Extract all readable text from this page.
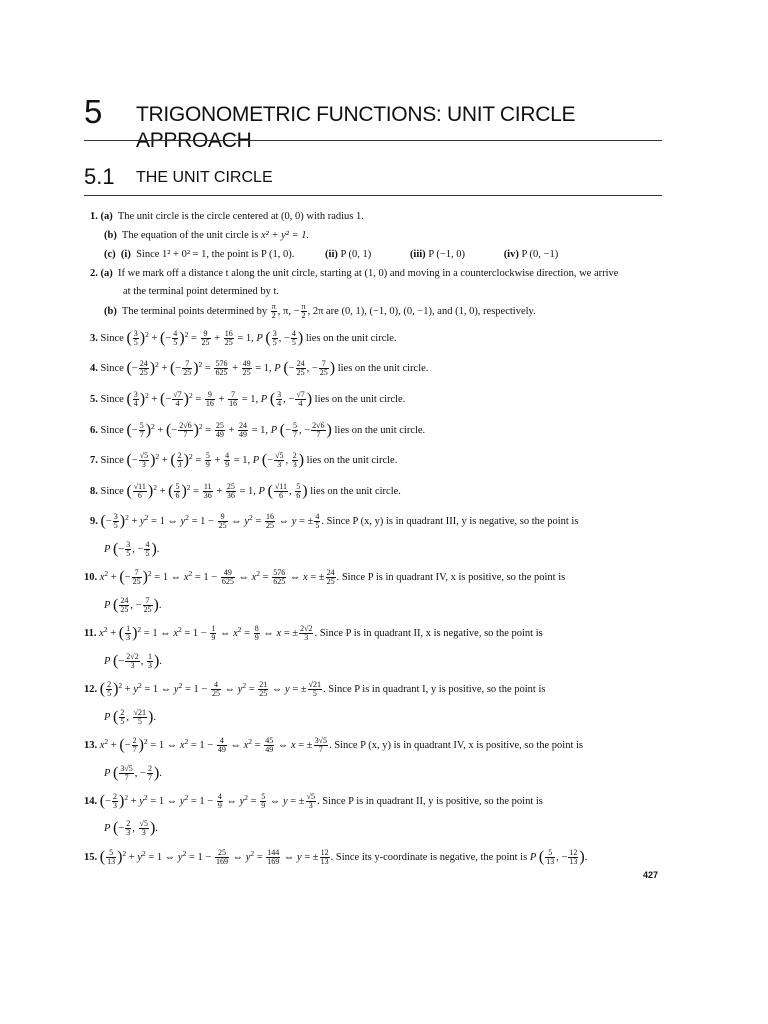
5 TRIGONOMETRIC FUNCTIONS: UNIT CIRCLE APPROACH
5.1 THE UNIT CIRCLE
1. (a) The unit circle is the circle centered at (0, 0) with radius 1.
(b) The equation of the unit circle is x² + y² = 1.
(c) (i) Since 1² + 0² = 1, the point is P (1, 0).	(ii) P (0, 1)	(iii) P (−1, 0)	(iv) P (0, −1)
2. (a) If we mark off a distance t along the unit circle, starting at (1, 0) and moving in a counterclockwise direction, we arrive
at the terminal point determined by t.
(b) The terminal points determined by $\frac{\pi}{2}$ , π, − $\frac{\pi}{2}$ , 2π are (0, 1), (−1, 0), (0, −1), and (1, 0), respectively.
3. Since ( $\frac{3}{5} )^2$ + (− $\frac{4}{5} )^2 = \frac{9}{25} + \frac{16}{25} = 1$, P ( $\frac{3}{5}$ , − $\frac{4}{5}$ ) lies on the unit circle.
4. Since (− $\frac{24}{25} )^2$ + (− $\frac{7}{25} )^2 = \frac{576}{625} + \frac{49}{25} = 1$, P (− $\frac{24}{25}$ , − $\frac{7}{25}$ ) lies on the unit circle.
5. Since ( $\frac{3}{4} )^2$ + (− $\frac{√7}{4} )^2 = \frac{9}{16} + \frac{7}{16} = 1$, P ( $\frac{3}{4}$ , − $\frac{√7}{4}$ ) lies on the unit circle.
6. Since (− $\frac{5}{7} )^2$ + (− $\frac{2√6}{7} )^2 = \frac{25}{49} + \frac{24}{49} = 1$, P (− $\frac{5}{7}$ , − $\frac{2√6}{7}$ ) lies on the unit circle.
7. Since (− $\frac{√5}{3} )^2$ + ( $\frac{2}{3} )^2 = \frac{5}{9} + \frac{4}{9} = 1$, P (− $\frac{√5}{3}$ , $\frac{2}{3}$ ) lies on the unit circle.
8. Since ( $\frac{√11}{6} )^2$ + ( $\frac{5}{6} )^2 = \frac{11}{36} + \frac{25}{36} = 1$, P ( $\frac{√11}{6}$ , $\frac{5}{6}$ ) lies on the unit circle.
9. (− $\frac{3}{5} )^2 + y^2 = 1$ ⇔ $y^2 = 1 - \frac{9}{25}$ ⇔ $y^2 = \frac{16}{25}$ ⇔ y = ± $\frac{4}{5}$ . Since P (x, y) is in quadrant III, y is negative, so the point is
P (− $\frac{3}{5}$ , − $\frac{4}{5}$ ).
10. $x^2$ + (− $\frac{7}{25} )^2 = 1$ ⇔ $x^2 = 1 - \frac{49}{625}$ ⇔ $x^2 = \frac{576}{625}$ ⇔ x = ± $\frac{24}{25}$ . Since P is in quadrant IV, x is positive, so the point is
P ( $\frac{24}{25}$ , − $\frac{7}{25}$ ).
11. $x^2$ + ( $\frac{1}{3} )^2 = 1$ ⇔ $x^2 = 1 - \frac{1}{9}$ ⇔ $x^2 = \frac{8}{9}$ ⇔ x = ± $\frac{2√2}{3}$ . Since P is in quadrant II, x is negative, so the point is
P (− $\frac{2√2}{3}$ , $\frac{1}{3}$ ).
12. ( $\frac{2}{5} )^2 + y^2 = 1$ ⇔ $y^2 = 1 - \frac{4}{25}$ ⇔ $y^2 = \frac{21}{25}$ ⇔ y = ± $\frac{√21}{5}$ . Since P is in quadrant I, y is positive, so the point is
P ( $\frac{2}{5}$ , $\frac{√21}{5}$ ).
13. $x^2$ + (− $\frac{2}{7} )^2 = 1$ ⇔ $x^2 = 1 - \frac{4}{49}$ ⇔ $x^2 = \frac{45}{49}$ ⇔ x = ± $\frac{3√5}{7}$ . Since P (x, y) is in quadrant IV, x is positive, so the point is
P ( $\frac{3√5}{7}$ , − $\frac{2}{7}$ ).
14. (− $\frac{2}{3} )^2 + y^2 = 1$ ⇔ $y^2 = 1 - \frac{4}{9}$ ⇔ $y^2 = \frac{5}{9}$ ⇔ y = ± $\frac{√5}{3}$ . Since P is in quadrant II, y is positive, so the point is
P (− $\frac{2}{3}$ , $\frac{√5}{3}$ ).
15. ( $\frac{5}{13} )^2 + y^2 = 1$ ⇔ $y^2 = 1 - \frac{25}{169}$ ⇔ $y^2 = \frac{144}{169}$ ⇔ y = ± $\frac{12}{13}$ . Since its y-coordinate is negative, the point is P ( $\frac{5}{13}$ , − $\frac{12}{13}$ ).
427
